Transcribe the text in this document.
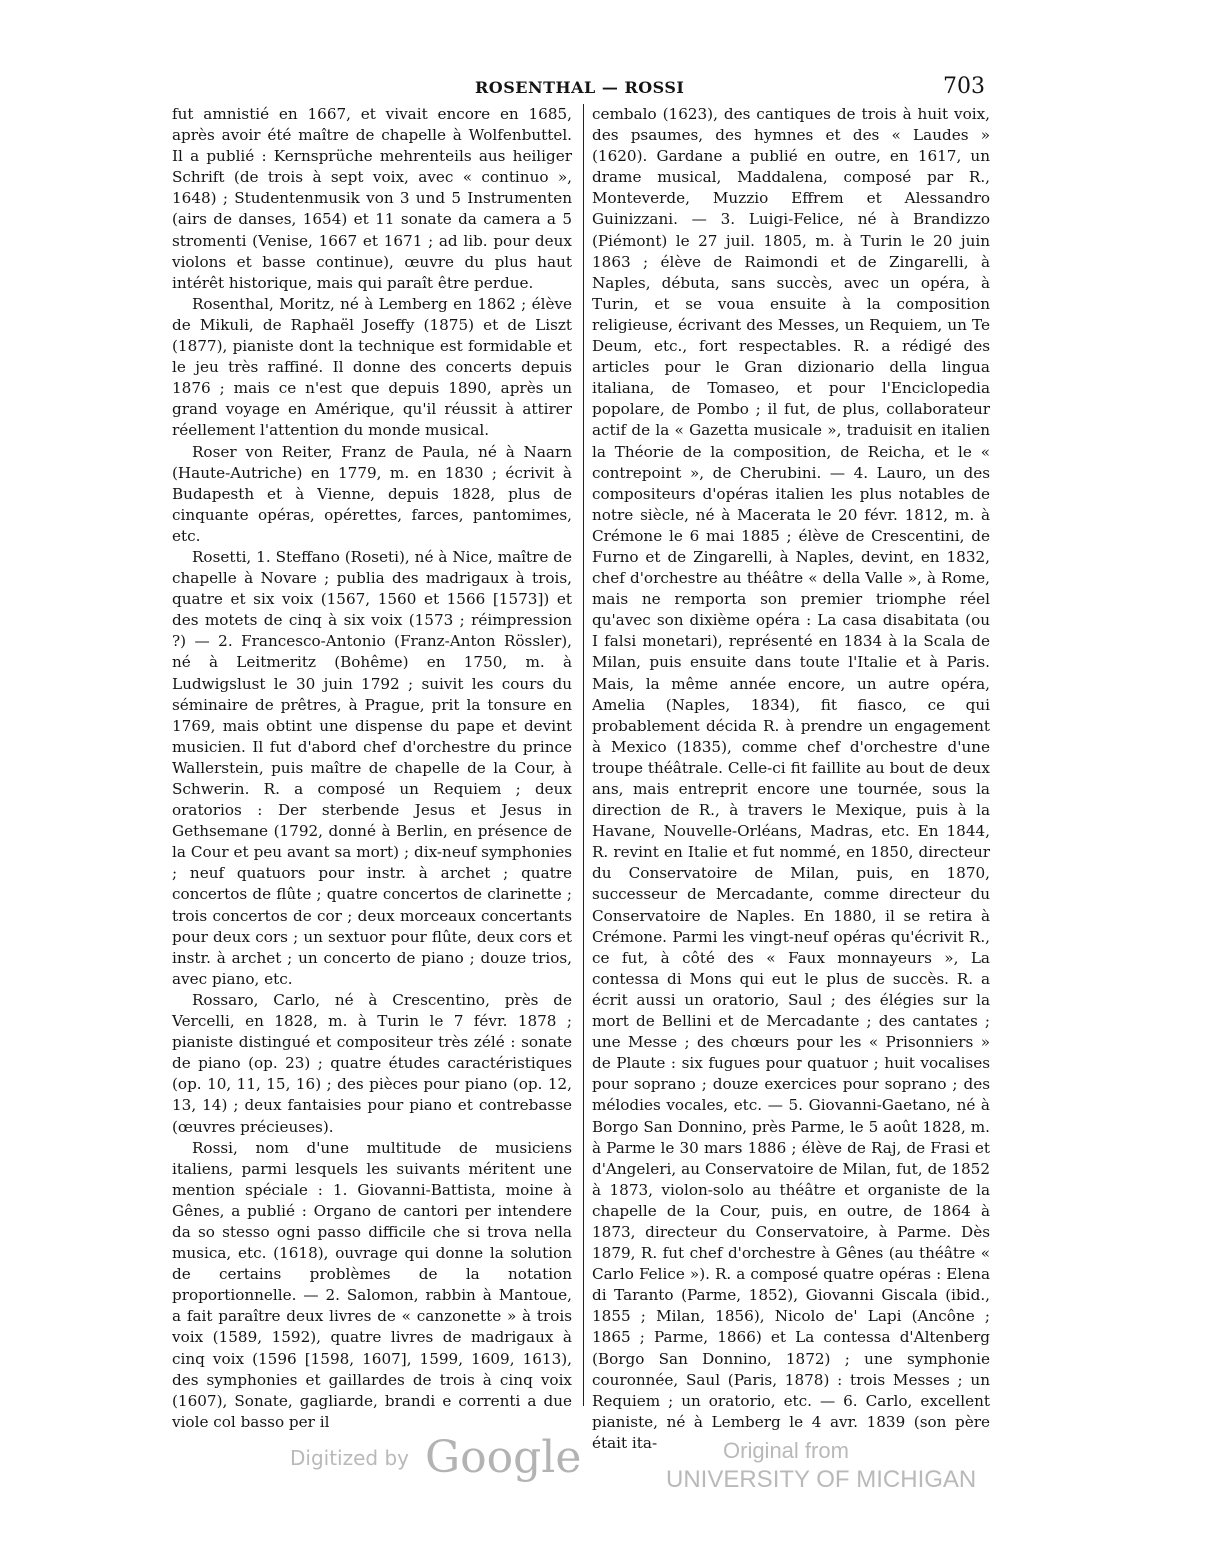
ROSENTHAL — ROSSI	703

fut amnistié en 1667, et vivait encore en 1685, après avoir été maître de chapelle à Wolfenbuttel. Il a publié : Kernsprüche mehrenteils aus heiliger Schrift (de trois à sept voix, avec « continuo », 1648) ; Studentenmusik von 3 und 5 Instrumenten (airs de danses, 1654) et 11 sonate da camera a 5 stromenti (Venise, 1667 et 1671 ; ad lib. pour deux violons et basse continue), œuvre du plus haut intérêt historique, mais qui paraît être perdue.

Rosenthal, Moritz, né à Lemberg en 1862 ; élève de Mikuli, de Raphaël Joseffy (1875) et de Liszt (1877), pianiste dont la technique est formidable et le jeu très raffiné. Il donne des concerts depuis 1876 ; mais ce n'est que depuis 1890, après un grand voyage en Amérique, qu'il réussit à attirer réellement l'attention du monde musical.

Roser von Reiter, Franz de Paula, né à Naarn (Haute-Autriche) en 1779, m. en 1830 ; écrivit à Budapesth et à Vienne, depuis 1828, plus de cinquante opéras, opérettes, farces, pantomimes, etc.

Rosetti, 1. Steffano (Roseti), né à Nice, maître de chapelle à Novare ; publia des madrigaux à trois, quatre et six voix (1567, 1560 et 1566 [1573]) et des motets de cinq à six voix (1573 ; réimpression ?) — 2. Francesco-Antonio (Franz-Anton Rössler), né à Leitmeritz (Bohême) en 1750, m. à Ludwigslust le 30 juin 1792 ; suivit les cours du séminaire de prêtres, à Prague, prit la tonsure en 1769, mais obtint une dispense du pape et devint musicien. Il fut d'abord chef d'orchestre du prince Wallerstein, puis maître de chapelle de la Cour, à Schwerin. R. a composé un Requiem ; deux oratorios : Der sterbende Jesus et Jesus in Gethsemane (1792, donné à Berlin, en présence de la Cour et peu avant sa mort) ; dix-neuf symphonies ; neuf quatuors pour instr. à archet ; quatre concertos de flûte ; quatre concertos de clarinette ; trois concertos de cor ; deux morceaux concertants pour deux cors ; un sextuor pour flûte, deux cors et instr. à archet ; un concerto de piano ; douze trios, avec piano, etc.

Rossaro, Carlo, né à Crescentino, près de Vercelli, en 1828, m. à Turin le 7 févr. 1878 ; pianiste distingué et compositeur très zélé : sonate de piano (op. 23) ; quatre études caractéristiques (op. 10, 11, 15, 16) ; des pièces pour piano (op. 12, 13, 14) ; deux fantaisies pour piano et contrebasse (œuvres précieuses).

Rossi, nom d'une multitude de musiciens italiens, parmi lesquels les suivants méritent une mention spéciale : 1. Giovanni-Battista, moine à Gênes, a publié : Organo de cantori per intendere da so stesso ogni passo difficile che si trova nella musica, etc. (1618), ouvrage qui donne la solution de certains problèmes de la notation proportionnelle. — 2. Salomon, rabbin à Mantoue, a fait paraître deux livres de « canzonette » à trois voix (1589, 1592), quatre livres de madrigaux à cinq voix (1596 [1598, 1607], 1599, 1609, 1613), des symphonies et gaillardes de trois à cinq voix (1607), Sonate, gagliarde, brandi e correnti a due viole col basso per il

cembalo (1623), des cantiques de trois à huit voix, des psaumes, des hymnes et des « Laudes » (1620). Gardane a publié en outre, en 1617, un drame musical, Maddalena, composé par R., Monteverde, Muzzio Effrem et Alessandro Guinizzani. — 3. Luigi-Felice, né à Brandizzo (Piémont) le 27 juil. 1805, m. à Turin le 20 juin 1863 ; élève de Raimondi et de Zingarelli, à Naples, débuta, sans succès, avec un opéra, à Turin, et se voua ensuite à la composition religieuse, écrivant des Messes, un Requiem, un Te Deum, etc., fort respectables. R. a rédigé des articles pour le Gran dizionario della lingua italiana, de Tomaseo, et pour l'Enciclopedia popolare, de Pombo ; il fut, de plus, collaborateur actif de la « Gazetta musicale », traduisit en italien la Théorie de la composition, de Reicha, et le « contrepoint », de Cherubini. — 4. Lauro, un des compositeurs d'opéras italien les plus notables de notre siècle, né à Macerata le 20 févr. 1812, m. à Crémone le 6 mai 1885 ; élève de Crescentini, de Furno et de Zingarelli, à Naples, devint, en 1832, chef d'orchestre au théâtre « della Valle », à Rome, mais ne remporta son premier triomphe réel qu'avec son dixième opéra : La casa disabitata (ou I falsi monetari), représenté en 1834 à la Scala de Milan, puis ensuite dans toute l'Italie et à Paris. Mais, la même année encore, un autre opéra, Amelia (Naples, 1834), fit fiasco, ce qui probablement décida R. à prendre un engagement à Mexico (1835), comme chef d'orchestre d'une troupe théâtrale. Celle-ci fit faillite au bout de deux ans, mais entreprit encore une tournée, sous la direction de R., à travers le Mexique, puis à la Havane, Nouvelle-Orléans, Madras, etc. En 1844, R. revint en Italie et fut nommé, en 1850, directeur du Conservatoire de Milan, puis, en 1870, successeur de Mercadante, comme directeur du Conservatoire de Naples. En 1880, il se retira à Crémone. Parmi les vingt-neuf opéras qu'écrivit R., ce fut, à côté des « Faux monnayeurs », La contessa di Mons qui eut le plus de succès. R. a écrit aussi un oratorio, Saul ; des élégies sur la mort de Bellini et de Mercadante ; des cantates ; une Messe ; des chœurs pour les « Prisonniers » de Plaute : six fugues pour quatuor ; huit vocalises pour soprano ; douze exercices pour soprano ; des mélodies vocales, etc. — 5. Giovanni-Gaetano, né à Borgo San Donnino, près Parme, le 5 août 1828, m. à Parme le 30 mars 1886 ; élève de Raj, de Frasi et d'Angeleri, au Conservatoire de Milan, fut, de 1852 à 1873, violon-solo au théâtre et organiste de la chapelle de la Cour, puis, en outre, de 1864 à 1873, directeur du Conservatoire, à Parme. Dès 1879, R. fut chef d'orchestre à Gênes (au théâtre « Carlo Felice »). R. a composé quatre opéras : Elena di Taranto (Parme, 1852), Giovanni Giscala (ibid., 1855 ; Milan, 1856), Nicolo de' Lapi (Ancône ; 1865 ; Parme, 1866) et La contessa d'Altenberg (Borgo San Donnino, 1872) ; une symphonie couronnée, Saul (Paris, 1878) : trois Messes ; un Requiem ; un oratorio, etc. — 6. Carlo, excellent pianiste, né à Lemberg le 4 avr. 1839 (son père était ita-

Digitized by Google	Original from
UNIVERSITY OF MICHIGAN
